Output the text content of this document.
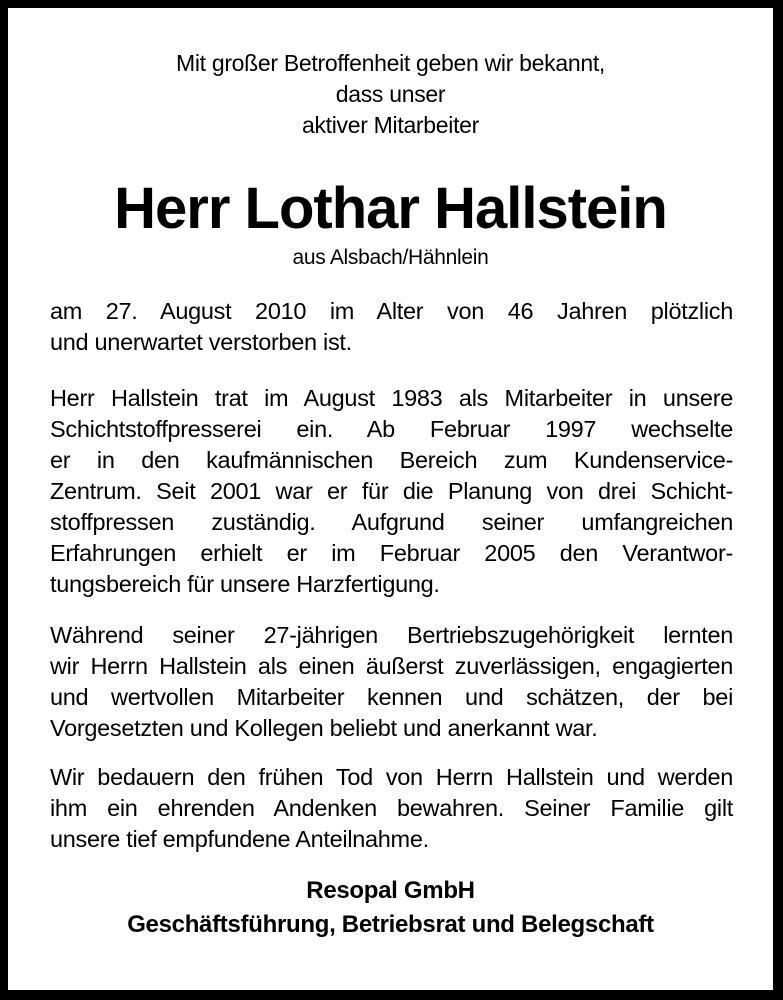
Mit großer Betroffenheit geben wir bekannt,
dass unser
aktiver Mitarbeiter
Herr Lothar Hallstein
aus Alsbach/Hähnlein
am 27. August 2010 im Alter von 46 Jahren plötzlich
und unerwartet verstorben ist.
Herr Hallstein trat im August 1983 als Mitarbeiter in unsere
Schichtstoffpresserei ein. Ab Februar 1997 wechselte
er in den kaufmännischen Bereich zum Kundenservice-
Zentrum. Seit 2001 war er für die Planung von drei Schicht-
stoffpressen zuständig. Aufgrund seiner umfangreichen
Erfahrungen erhielt er im Februar 2005 den Verantwor-
tungsbereich für unsere Harzfertigung.
Während seiner 27-jährigen Bertriebszugehörigkeit lernten
wir Herrn Hallstein als einen äußerst zuverlässigen, engagierten
und wertvollen Mitarbeiter kennen und schätzen, der bei
Vorgesetzten und Kollegen beliebt und anerkannt war.
Wir bedauern den frühen Tod von Herrn Hallstein und werden
ihm ein ehrenden Andenken bewahren. Seiner Familie gilt
unsere tief empfundene Anteilnahme.
Resopal GmbH
Geschäftsführung, Betriebsrat und Belegschaft
